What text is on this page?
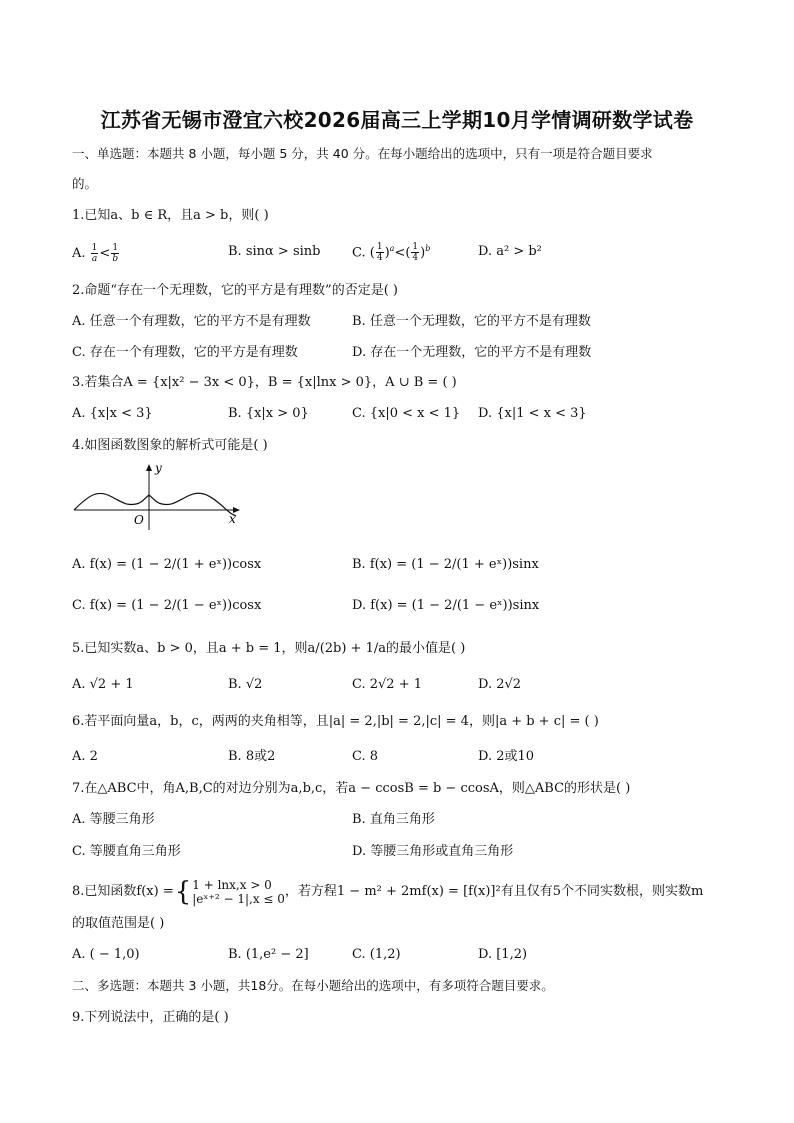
江苏省无锡市澄宜六校2026届高三上学期10月学情调研数学试卷
一、单选题：本题共 8 小题，每小题 5 分，共 40 分。在每小题给出的选项中，只有一项是符合题目要求
的。
1.已知a、b ∈ R，且a > b，则( )
A. $\frac{1}{a} < \frac{1}{b}$	B. sinα > sinb C. ( $\frac{1}{4} )^a<( \frac{1}{4} )^b$	D. a² > b²
2.命题“存在一个无理数，它的平方是有理数”的否定是( )
A. 任意一个有理数，它的平方不是有理数	B. 任意一个无理数，它的平方不是有理数
C. 存在一个有理数，它的平方是有理数	D. 存在一个无理数，它的平方不是有理数
3.若集合A = {x|x² − 3x < 0}，B = {x|lnx > 0}，A ∪ B = ( )
A. {x|x < 3}	B. {x|x > 0}	C. {x|0 < x < 1} D. {x|1 < x < 3}
4.如图函数图象的解析式可能是( )
y
x
O
A. f(x) = (1 − 2/(1 + eˣ))cosx	B. f(x) = (1 − 2/(1 + eˣ))sinx
C. f(x) = (1 − 2/(1 − eˣ))cosx	D. f(x) = (1 − 2/(1 − eˣ))sinx
5.已知实数a、b > 0，且a + b = 1，则a/(2b) + 1/a的最小值是( )
A. √2 + 1	B. √2	C. 2√2 + 1	D. 2√2
6.若平面向量a，b，c，两两的夹角相等，且|a| = 2,|b| = 2,|c| = 4，则|a + b + c| = ( )
A. 2	B. 8或2	C. 8	D. 2或10
7.在△ABC中，角A,B,C的对边分别为a,b,c，若a − ccosB = b − ccosA，则△ABC的形状是( )
A. 等腰三角形	B. 直角三角形
C. 等腰直角三角形	D. 等腰三角形或直角三角形
8.已知函数f(x) = { 1 + lnx,x > 0
|eˣ⁺² − 1|,x ≤ 0 ，若方程1 − m² + 2mf(x) = [f(x)]²有且仅有5个不同实数根，则实数m
的取值范围是( )
A. ( − 1,0)	B. (1,e² − 2]	C. (1,2)	D. [1,2)
二、多选题：本题共 3 小题，共18分。在每小题给出的选项中，有多项符合题目要求。
9.下列说法中，正确的是( )
